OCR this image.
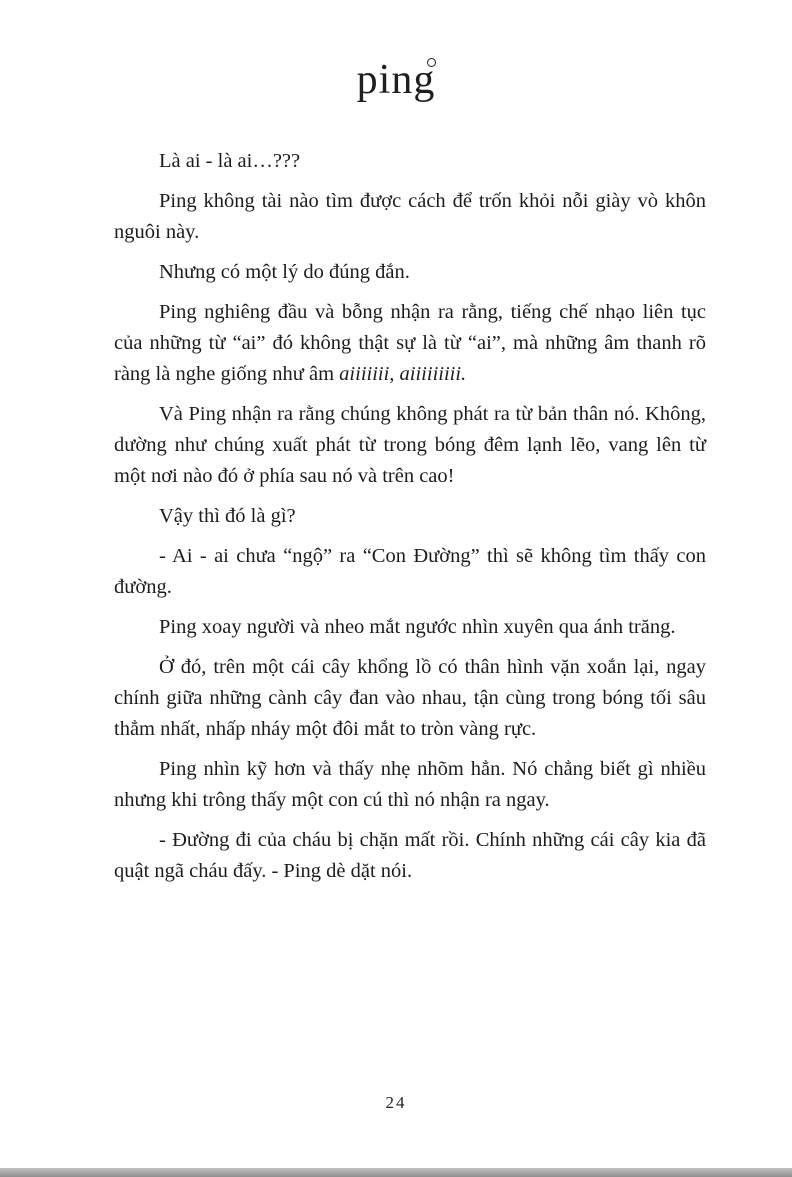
ping

Là ai - là ai…???

Ping không tài nào tìm được cách để trốn khỏi nỗi giày vò khôn nguôi này.

Nhưng có một lý do đúng đắn.

Ping nghiêng đầu và bỗng nhận ra rằng, tiếng chế nhạo liên tục của những từ “ai” đó không thật sự là từ “ai”, mà những âm thanh rõ ràng là nghe giống như âm aiiiiiii, aiiiiiiiii.

Và Ping nhận ra rằng chúng không phát ra từ bản thân nó. Không, dường như chúng xuất phát từ trong bóng đêm lạnh lẽo, vang lên từ một nơi nào đó ở phía sau nó và trên cao!

Vậy thì đó là gì?

- Ai - ai chưa “ngộ” ra “Con Đường” thì sẽ không tìm thấy con đường.

Ping xoay người và nheo mắt ngước nhìn xuyên qua ánh trăng.

Ở đó, trên một cái cây khổng lồ có thân hình vặn xoắn lại, ngay chính giữa những cành cây đan vào nhau, tận cùng trong bóng tối sâu thẳm nhất, nhấp nháy một đôi mắt to tròn vàng rực.

Ping nhìn kỹ hơn và thấy nhẹ nhõm hẳn. Nó chẳng biết gì nhiều nhưng khi trông thấy một con cú thì nó nhận ra ngay.

- Đường đi của cháu bị chặn mất rồi. Chính những cái cây kia đã quật ngã cháu đấy. - Ping dè dặt nói.

24
